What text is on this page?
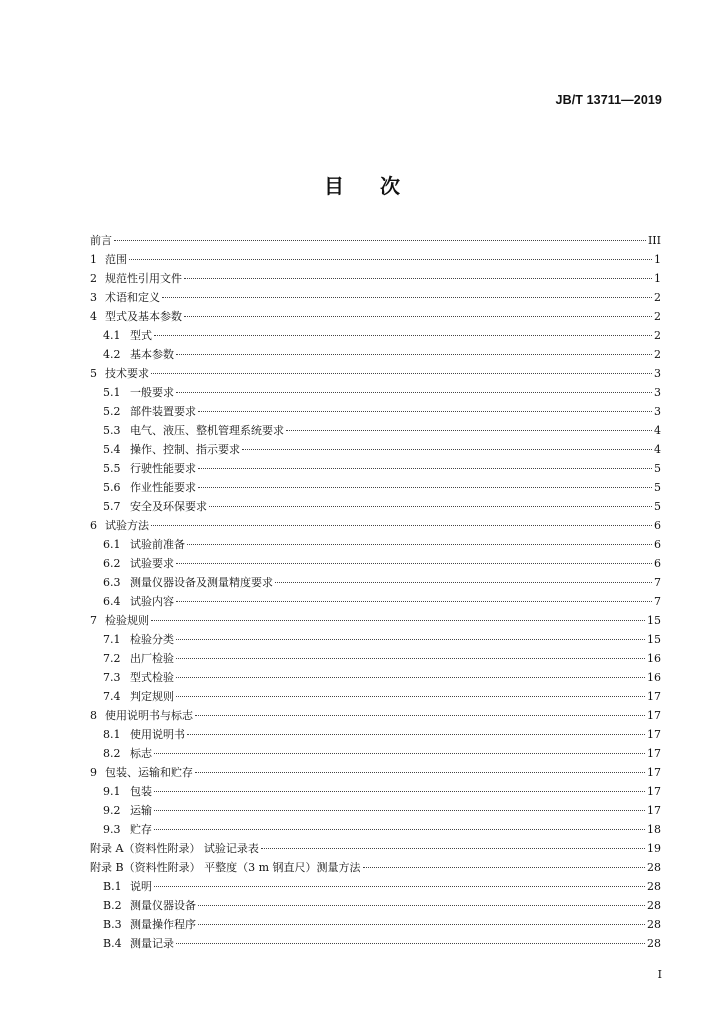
JB/T 13711—2019
目 次
前言	III
1 范围	1
2 规范性引用文件	1
3 术语和定义	2
4 型式及基本参数	2
4.1 型式	2
4.2 基本参数	2
5 技术要求	3
5.1 一般要求	3
5.2 部件装置要求	3
5.3 电气、液压、整机管理系统要求	4
5.4 操作、控制、指示要求	4
5.5 行驶性能要求	5
5.6 作业性能要求	5
5.7 安全及环保要求	5
6 试验方法	6
6.1 试验前准备	6
6.2 试验要求	6
6.3 测量仪器设备及测量精度要求	7
6.4 试验内容	7
7 检验规则	15
7.1 检验分类	15
7.2 出厂检验	16
7.3 型式检验	16
7.4 判定规则	17
8 使用说明书与标志	17
8.1 使用说明书	17
8.2 标志	17
9 包装、运输和贮存	17
9.1 包装	17
9.2 运输	17
9.3 贮存	18
附录 A（资料性附录） 试验记录表	19
附录 B（资料性附录） 平整度（3 m 钢直尺）测量方法	28
B.1 说明	28
B.2 测量仪器设备	28
B.3 测量操作程序	28
B.4 测量记录	28
I
